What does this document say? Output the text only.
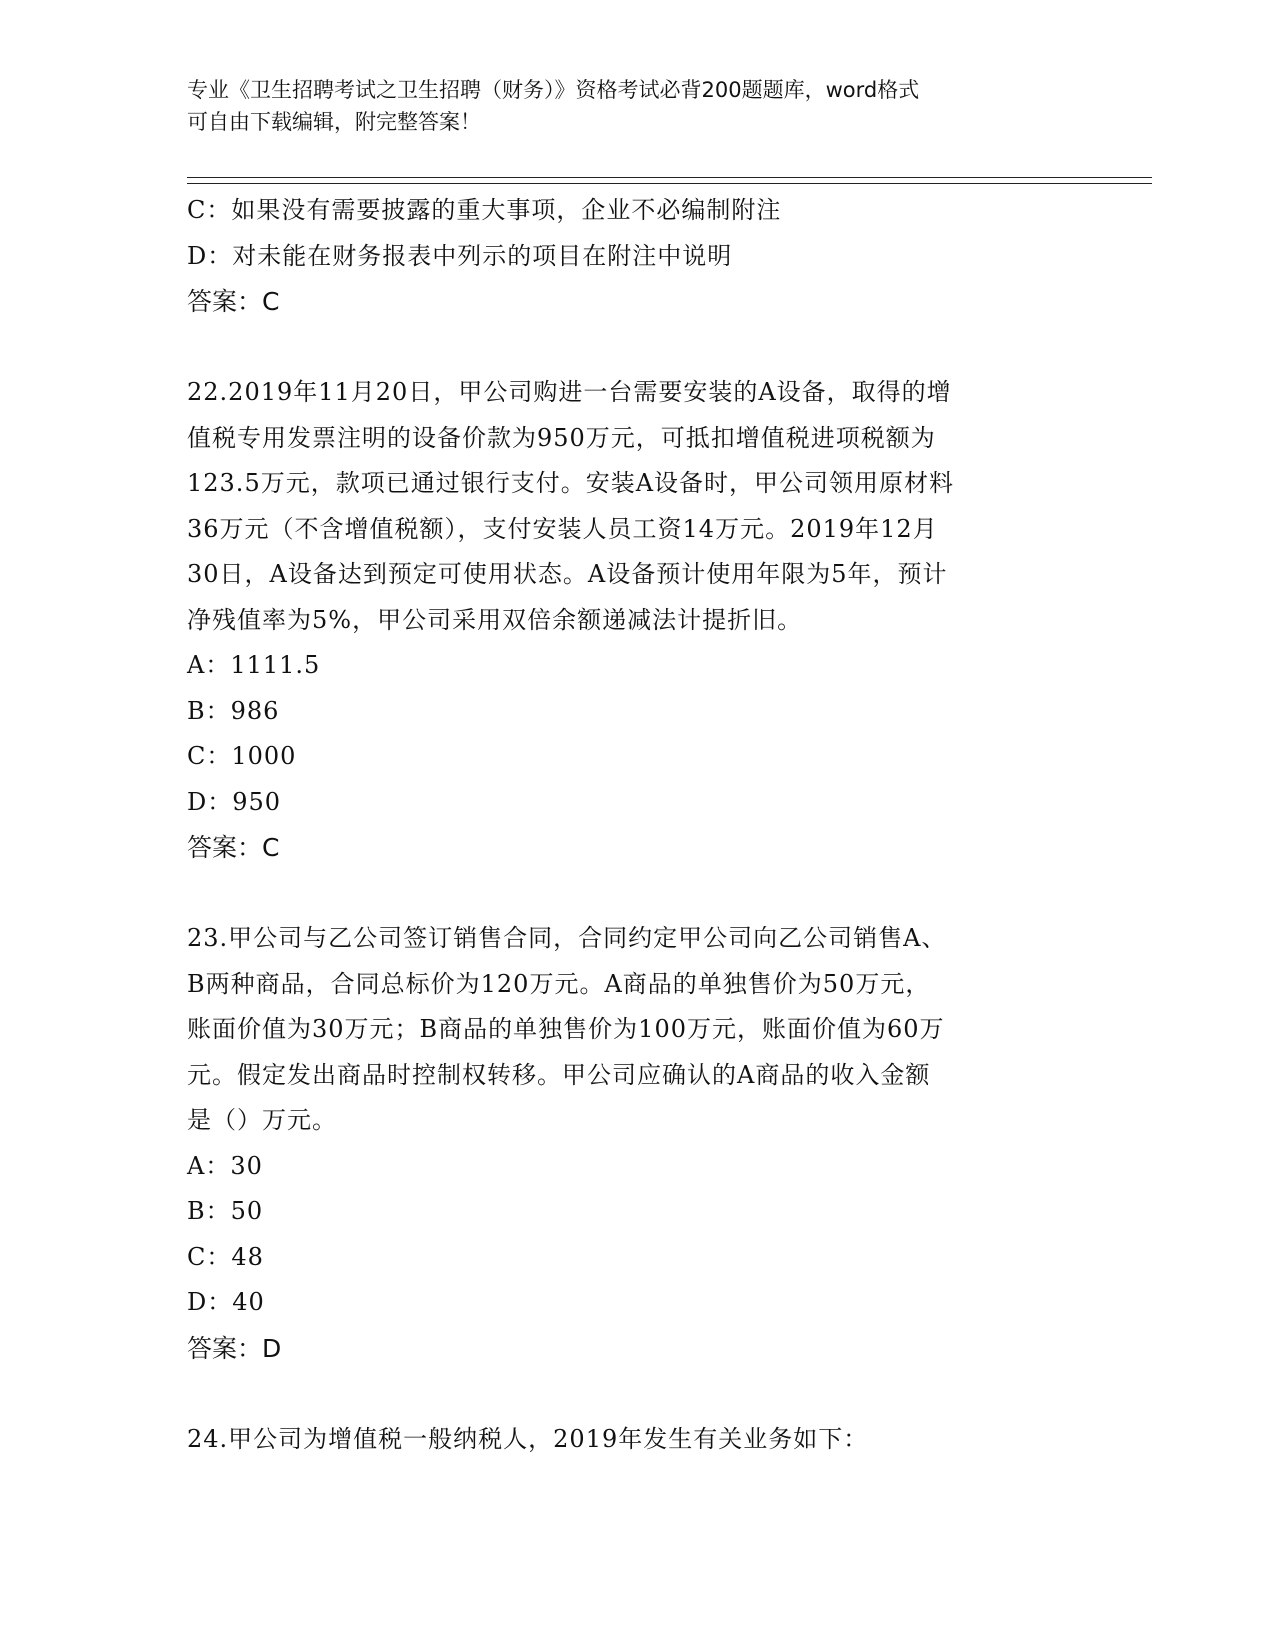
专业《卫生招聘考试之卫生招聘（财务）》资格考试必背200题题库，word格式
可自由下载编辑，附完整答案！
C：如果没有需要披露的重大事项，企业不必编制附注
D：对未能在财务报表中列示的项目在附注中说明
答案：C
22.2019年11月20日，甲公司购进一台需要安装的A设备，取得的增
值税专用发票注明的设备价款为950万元，可抵扣增值税进项税额为
123.5万元，款项已通过银行支付。安装A设备时，甲公司领用原材料
36万元（不含增值税额），支付安装人员工资14万元。2019年12月
30日，A设备达到预定可使用状态。A设备预计使用年限为5年，预计
净残值率为5%，甲公司采用双倍余额递减法计提折旧。
A：1111.5
B：986
C：1000
D：950
答案：C
23.甲公司与乙公司签订销售合同，合同约定甲公司向乙公司销售A、
B两种商品，合同总标价为120万元。A商品的单独售价为50万元，
账面价值为30万元；B商品的单独售价为100万元，账面价值为60万
元。假定发出商品时控制权转移。甲公司应确认的A商品的收入金额
是（）万元。
A：30
B：50
C：48
D：40
答案：D
24.甲公司为增值税一般纳税人，2019年发生有关业务如下：
